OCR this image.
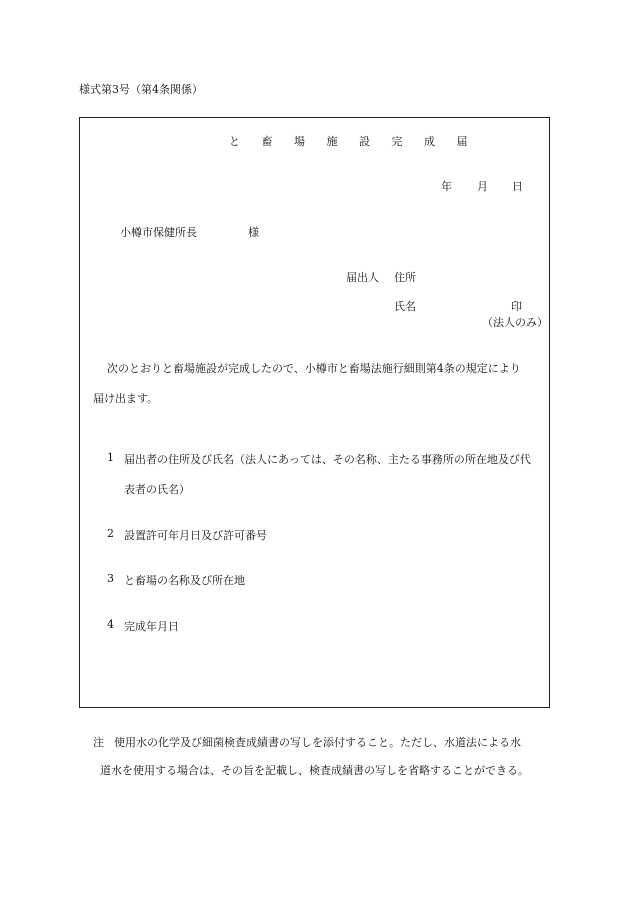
様式第3号（第4条関係）
と 畜 場 施 設 完 成 届
年 月 日
小樽市保健所長	様
届出人 住所
氏名	印
（法人のみ）
次のとおりと畜場施設が完成したので、小樽市と畜場法施行細則第4条の規定により
届け出ます。
1 届出者の住所及び氏名（法人にあっては、その名称、主たる事務所の所在地及び代
表者の氏名）
2 設置許可年月日及び許可番号
3 と畜場の名称及び所在地
4 完成年月日
注 使用水の化学及び細菌検査成績書の写しを添付すること。ただし、水道法による水
道水を使用する場合は、その旨を記載し、検査成績書の写しを省略することができる。
